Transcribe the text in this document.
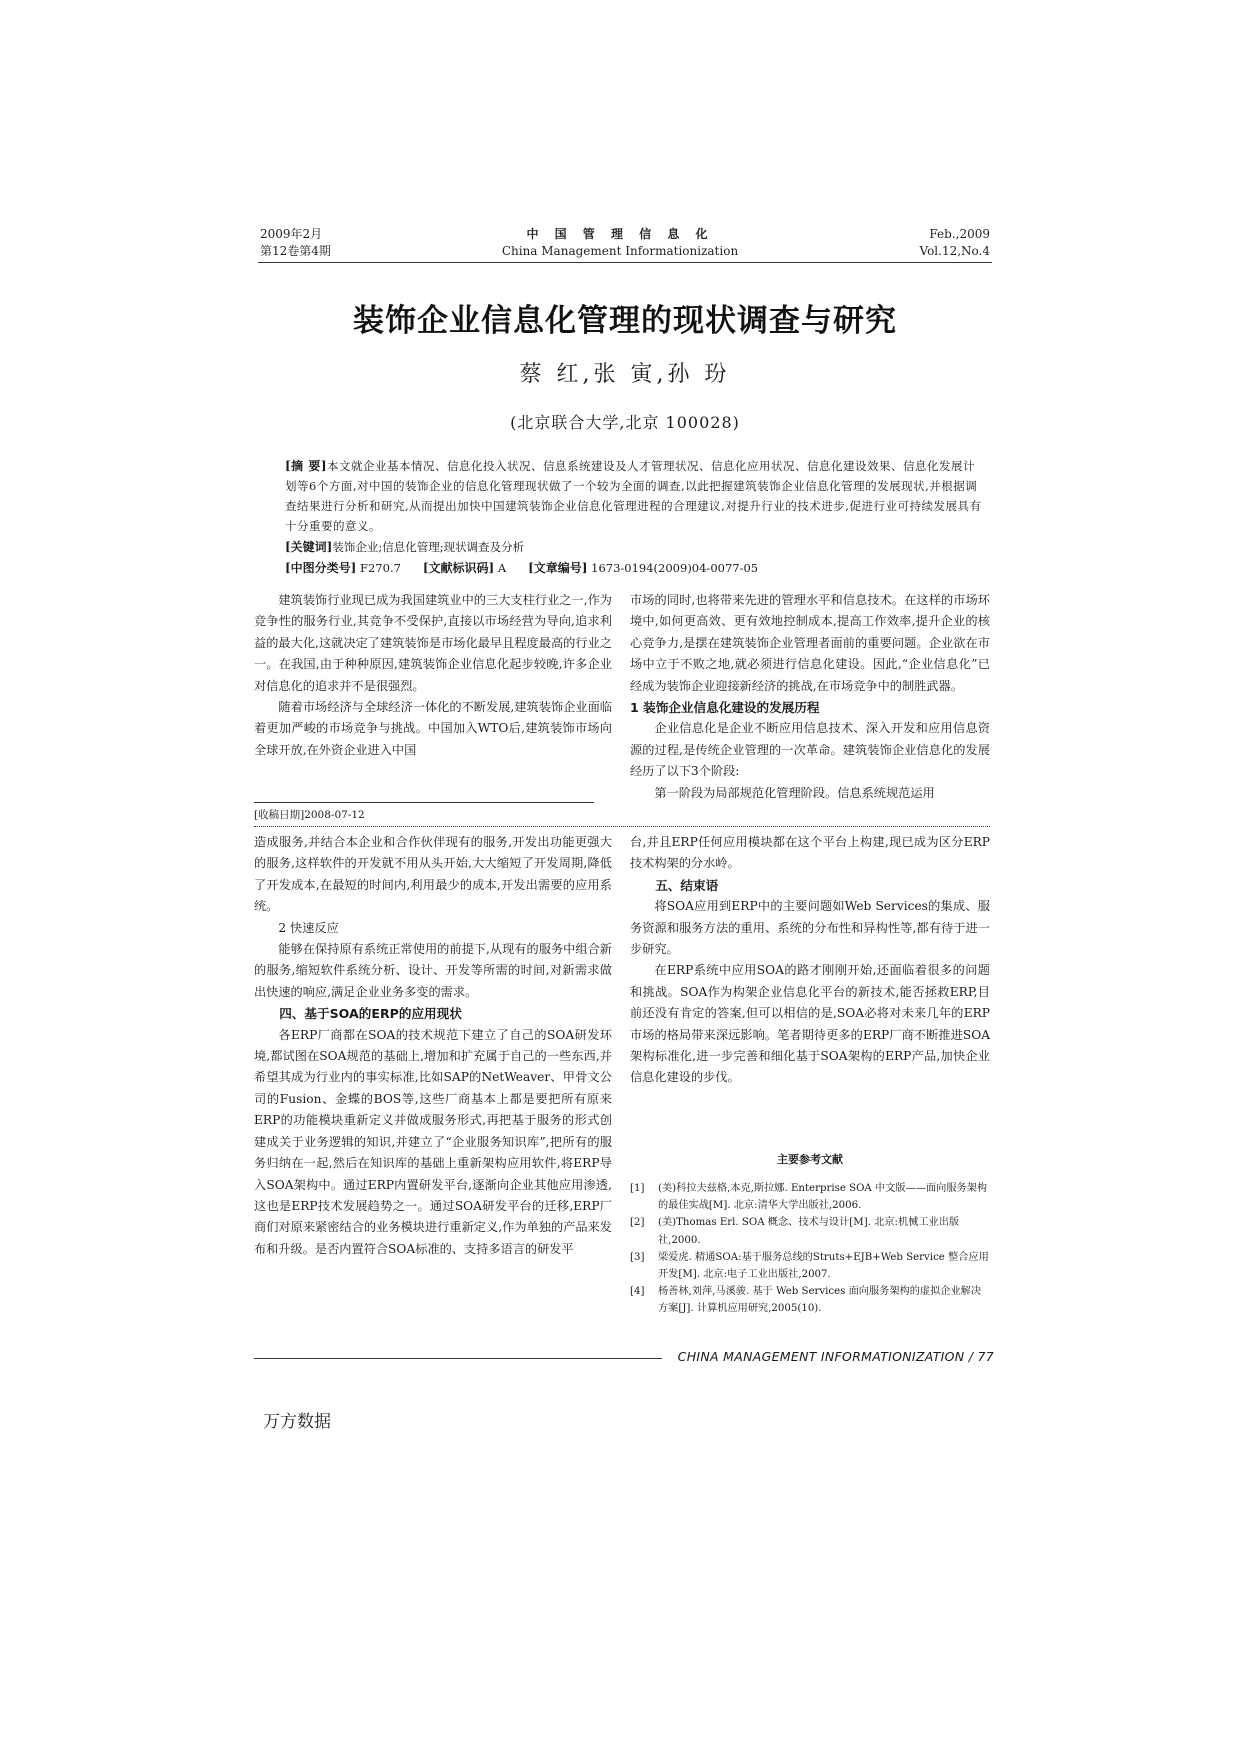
2009年2月
第12卷第4期
中 国 管 理 信 息 化
China Management Informationization
Feb.,2009
Vol.12,No.4
装饰企业信息化管理的现状调查与研究
蔡 红,张 寅,孙 玢
(北京联合大学,北京 100028)
[摘 要]本文就企业基本情况、信息化投入状况、信息系统建设及人才管理状况、信息化应用状况、信息化建设效果、信息化发展计划等6个方面,对中国的装饰企业的信息化管理现状做了一个较为全面的调查,以此把握建筑装饰企业信息化管理的发展现状,并根据调查结果进行分析和研究,从而提出加快中国建筑装饰企业信息化管理进程的合理建议,对提升行业的技术进步,促进行业可持续发展具有十分重要的意义。
[关键词]装饰企业;信息化管理;现状调查及分析
[中图分类号] F270.7 [文献标识码] A [文章编号] 1673-0194(2009)04-0077-05

建筑装饰行业现已成为我国建筑业中的三大支柱行业之一,作为竞争性的服务行业,其竞争不受保护,直接以市场经营为导向,追求利益的最大化,这就决定了建筑装饰是市场化最早且程度最高的行业之一。在我国,由于种种原因,建筑装饰企业信息化起步较晚,许多企业对信息化的追求并不是很强烈。

随着市场经济与全球经济一体化的不断发展,建筑装饰企业面临着更加严峻的市场竞争与挑战。中国加入WTO后,建筑装饰市场向全球开放,在外资企业进入中国

市场的同时,也将带来先进的管理水平和信息技术。在这样的市场环境中,如何更高效、更有效地控制成本,提高工作效率,提升企业的核心竞争力,是摆在建筑装饰企业管理者面前的重要问题。企业欲在市场中立于不败之地,就必须进行信息化建设。因此,“企业信息化”已经成为装饰企业迎接新经济的挑战,在市场竞争中的制胜武器。

1 装饰企业信息化建设的发展历程

企业信息化是企业不断应用信息技术、深入开发和应用信息资源的过程,是传统企业管理的一次革命。建筑装饰企业信息化的发展经历了以下3个阶段:

第一阶段为局部规范化管理阶段。信息系统规范运用

[收稿日期]2008-07-12

造成服务,并结合本企业和合作伙伴现有的服务,开发出功能更强大的服务,这样软件的开发就不用从头开始,大大缩短了开发周期,降低了开发成本,在最短的时间内,利用最少的成本,开发出需要的应用系统。

2 快速反应

能够在保持原有系统正常使用的前提下,从现有的服务中组合新的服务,缩短软件系统分析、设计、开发等所需的时间,对新需求做出快速的响应,满足企业业务多变的需求。

四、基于SOA的ERP的应用现状

各ERP厂商都在SOA的技术规范下建立了自己的SOA研发环境,都试图在SOA规范的基础上,增加和扩充属于自己的一些东西,并希望其成为行业内的事实标准,比如SAP的NetWeaver、甲骨文公司的Fusion、金蝶的BOS等,这些厂商基本上都是要把所有原来ERP的功能模块重新定义并做成服务形式,再把基于服务的形式创建成关于业务逻辑的知识,并建立了“企业服务知识库”,把所有的服务归纳在一起,然后在知识库的基础上重新架构应用软件,将ERP导入SOA架构中。通过ERP内置研发平台,逐渐向企业其他应用渗透,这也是ERP技术发展趋势之一。通过SOA研发平台的迁移,ERP厂商们对原来紧密结合的业务模块进行重新定义,作为单独的产品来发布和升级。是否内置符合SOA标准的、支持多语言的研发平

台,并且ERP任何应用模块都在这个平台上构建,现已成为区分ERP技术构架的分水岭。

五、结束语

将SOA应用到ERP中的主要问题如Web Services的集成、服务资源和服务方法的重用、系统的分布性和异构性等,都有待于进一步研究。

在ERP系统中应用SOA的路才刚刚开始,还面临着很多的问题和挑战。SOA作为构架企业信息化平台的新技术,能否拯救ERP,目前还没有肯定的答案,但可以相信的是,SOA必将对未来几年的ERP市场的格局带来深远影响。笔者期待更多的ERP厂商不断推进SOA架构标准化,进一步完善和细化基于SOA架构的ERP产品,加快企业信息化建设的步伐。

主要参考文献
[1]	(美)科拉夫兹格,本克,斯拉娜. Enterprise SOA 中文版——面向服务架构的最佳实战[M]. 北京:清华大学出版社,2006.
[2]	(美)Thomas Erl. SOA 概念、技术与设计[M]. 北京:机械工业出版社,2000.
[3]	梁爱虎. 精通SOA:基于服务总线的Struts+EJB+Web Service 整合应用开发[M]. 北京:电子工业出版社,2007.
[4]	杨善林,刘萍,马溪骏. 基于 Web Services 面向服务架构的虚拟企业解决方案[J]. 计算机应用研究,2005(10).
CHINA MANAGEMENT INFORMATIONIZATION / 77
万方数据
